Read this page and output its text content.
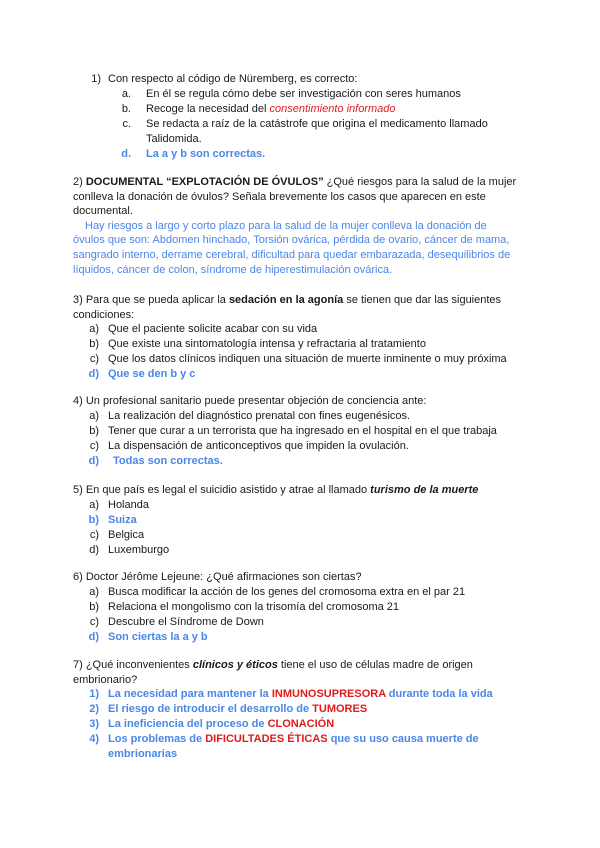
1) Con respecto al código de Nüremberg, es correcto:
a. En él se regula cómo debe ser investigación con seres humanos
b. Recoge la necesidad del consentimiento informado
c. Se redacta a raíz de la catástrofe que origina el medicamento llamado
Talidomida.
d. La a y b son correctas.
2) DOCUMENTAL “EXPLOTACIÓN DE ÓVULOS” ¿Qué riesgos para la salud de la mujer
conlleva la donación de óvulos? Señala brevemente los casos que aparecen en este
documental.
Hay riesgos a largo y corto plazo para la salud de la mujer conlleva la donación de
óvulos que son: Abdomen hinchado, Torsión ovárica, pérdida de ovario, cáncer de mama,
sangrado interno, derrame cerebral, dificultad para quedar embarazada, desequilibrios de
líquidos, cáncer de colon, síndrome de hiperestimulación ovárica.
3) Para que se pueda aplicar la sedación en la agonía se tienen que dar las siguientes
condiciones:
a) Que el paciente solicite acabar con su vida
b) Que existe una sintomatología intensa y refractaria al tratamiento
c) Que los datos clínicos indiquen una situación de muerte inminente o muy próxima
d) Que se den b y c
4) Un profesional sanitario puede presentar objeción de conciencia ante:
a) La realización del diagnóstico prenatal con fines eugenésicos.
b) Tener que curar a un terrorista que ha ingresado en el hospital en el que trabaja
c) La dispensación de anticonceptivos que impiden la ovulación.
d) Todas son correctas.
5) En que país es legal el suicidio asistido y atrae al llamado turismo de la muerte
a) Holanda
b) Suiza
c) Belgica
d) Luxemburgo
6) Doctor Jérôme Lejeune: ¿Qué afirmaciones son ciertas?
a) Busca modificar la acción de los genes del cromosoma extra en el par 21
b) Relaciona el mongolismo con la trisomía del cromosoma 21
c) Descubre el Síndrome de Down
d) Son ciertas la a y b
7) ¿Qué inconvenientes clínicos y éticos tiene el uso de células madre de origen
embrionario?
1) La necesidad para mantener la INMUNOSUPRESORA durante toda la vida
2) El riesgo de introducir el desarrollo de TUMORES
3) La ineficiencia del proceso de CLONACIÓN
4) Los problemas de DIFICULTADES ÉTICAS que su uso causa muerte de
embrionarias
